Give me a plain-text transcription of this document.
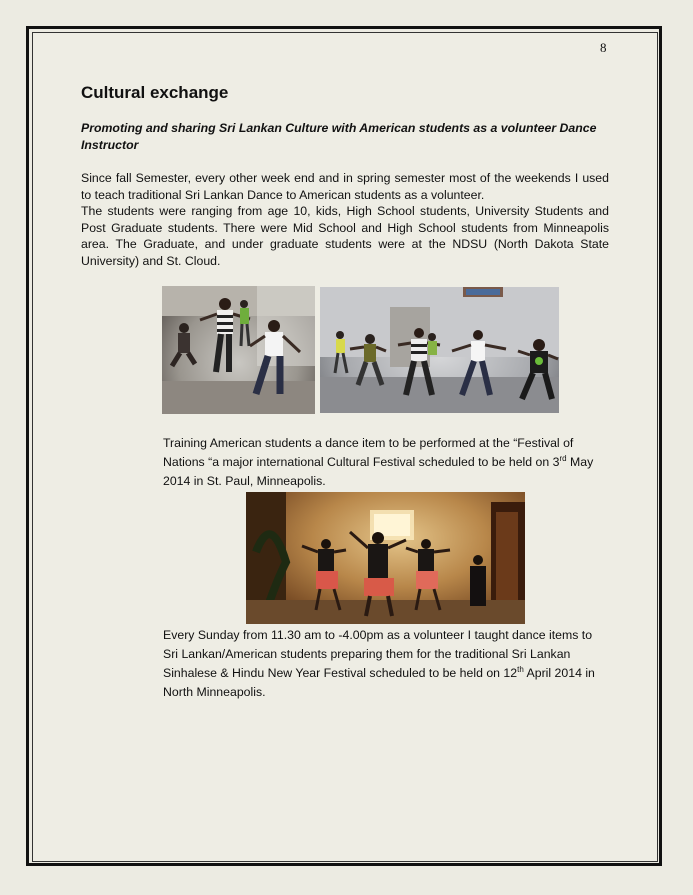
8
Cultural exchange
Promoting and sharing Sri Lankan Culture with American students as a volunteer Dance Instructor
Since fall Semester, every other week end and in spring semester most of the weekends I used to teach traditional Sri Lankan Dance to American students as a volunteer.
The students were ranging from age 10, kids, High School students, University Students and Post Graduate students. There were Mid School and High School students from Minneapolis area. The Graduate, and under graduate students were at the NDSU (North Dakota State University) and St. Cloud.
Training American students a dance item to be performed at the “Festival of Nations “a major international Cultural Festival scheduled to be held on 3rd May 2014 in St. Paul, Minneapolis.
Every Sunday from 11.30 am to -4.00pm as a volunteer I taught dance items to Sri Lankan/American students preparing them for the traditional Sri Lankan Sinhalese & Hindu New Year Festival scheduled to be held on 12th April 2014 in North Minneapolis.
